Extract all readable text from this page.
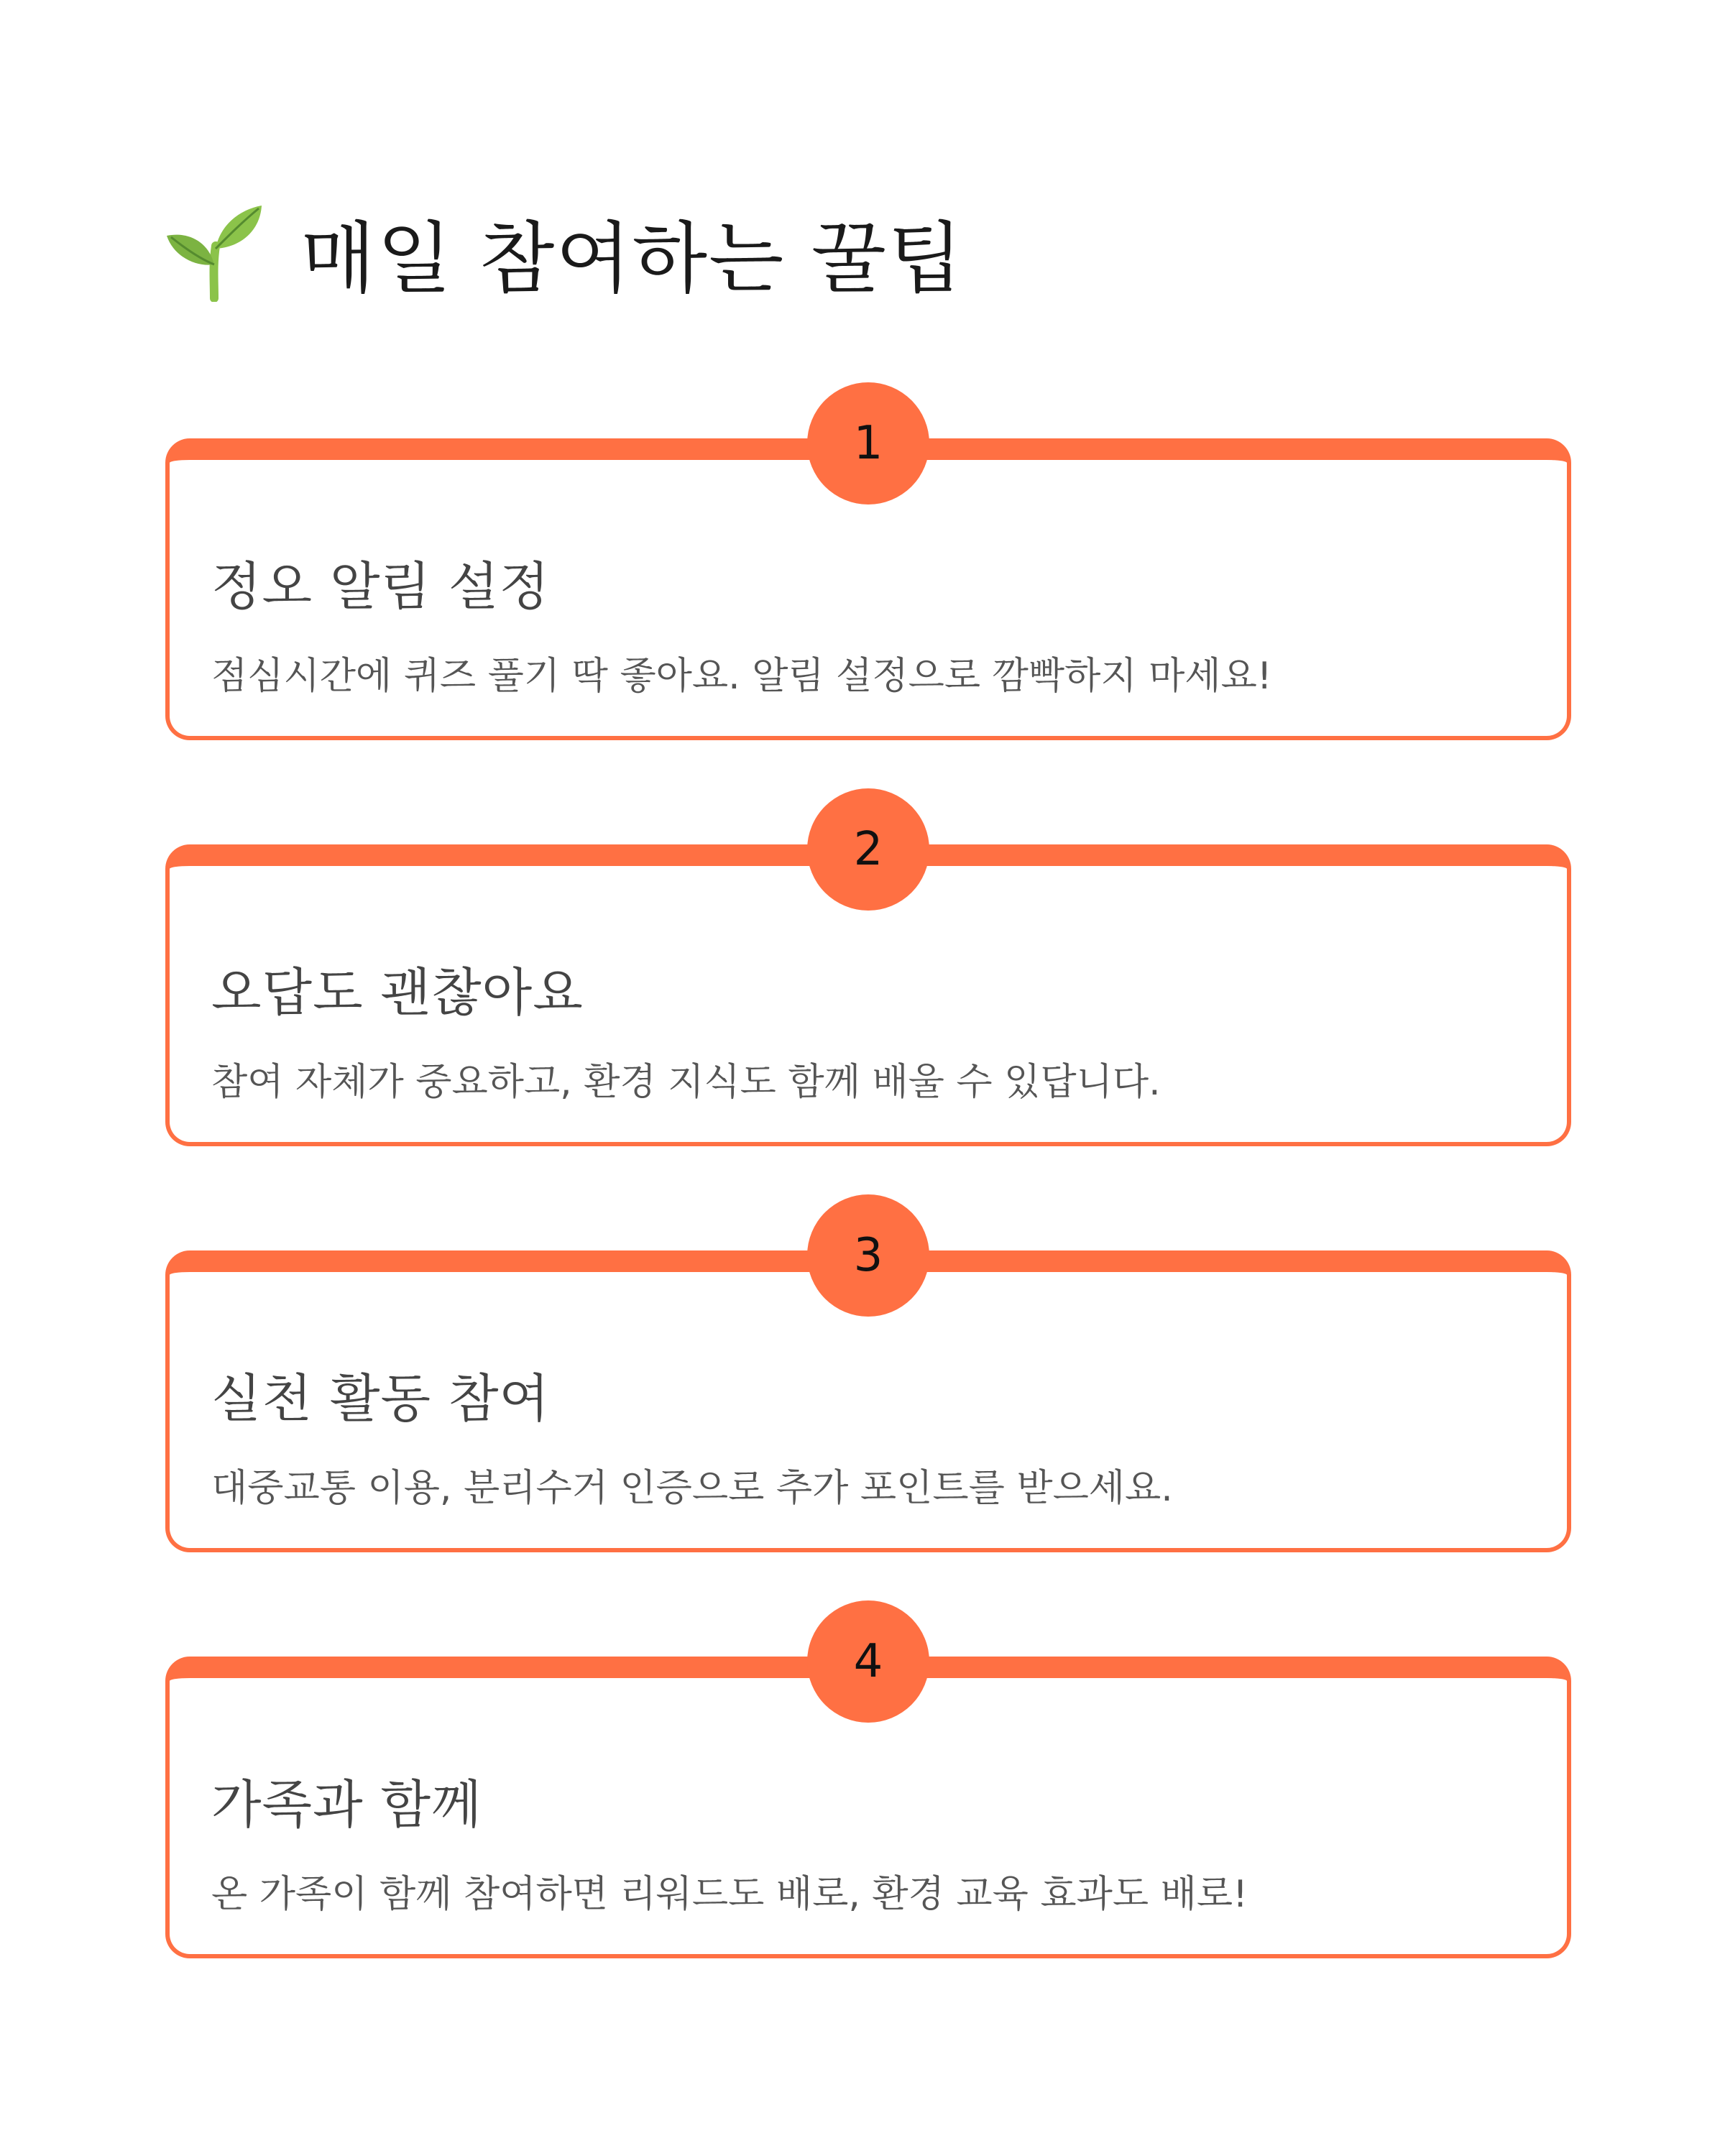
매일 참여하는 꿀팁
1
정오 알림 설정
점심시간에 퀴즈 풀기 딱 좋아요. 알림 설정으로 깜빡하지 마세요!
2
오답도 괜찮아요
참여 자체가 중요하고, 환경 지식도 함께 배울 수 있답니다.
3
실천 활동 참여
대중교통 이용, 분리수거 인증으로 추가 포인트를 받으세요.
4
가족과 함께
온 가족이 함께 참여하면 리워드도 배로, 환경 교육 효과도 배로!
